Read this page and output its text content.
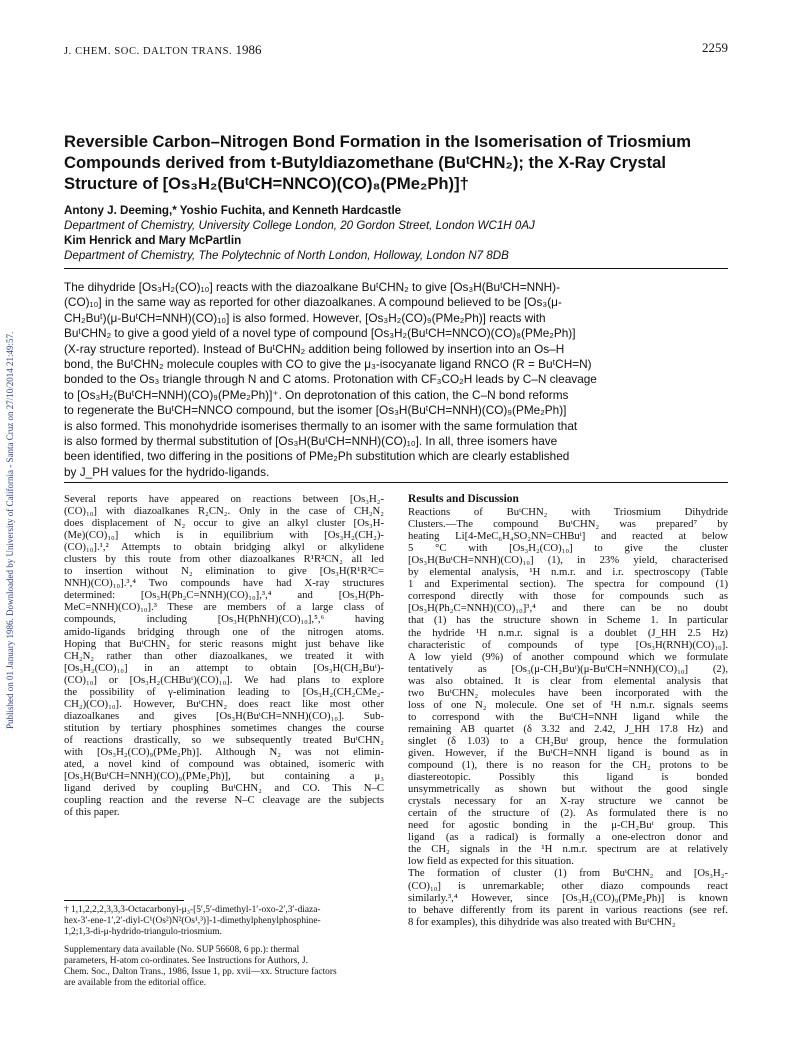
Published on 01 January 1986. Downloaded by University of California - Santa Cruz on 27/10/2014 21:49:57.
J. CHEM. SOC. DALTON TRANS. 1986	2259
Reversible Carbon–Nitrogen Bond Formation in the Isomerisation of Triosmium
Compounds derived from t-Butyldiazomethane (BuᵗCHN₂); the X-Ray Crystal
Structure of [Os₃H₂(BuᵗCH=NNCO)(CO)₈(PMe₂Ph)]†
Antony J. Deeming,* Yoshio Fuchita, and Kenneth Hardcastle
Department of Chemistry, University College London, 20 Gordon Street, London WC1H 0AJ
Kim Henrick and Mary McPartlin
Department of Chemistry, The Polytechnic of North London, Holloway, London N7 8DB
The dihydride [Os₃H₂(CO)₁₀] reacts with the diazoalkane BuᵗCHN₂ to give [Os₃H(BuᵗCH=NNH)-
(CO)₁₀] in the same way as reported for other diazoalkanes. A compound believed to be [Os₃(μ-
CH₂Buᵗ)(μ-BuᵗCH=NNH)(CO)₁₀] is also formed. However, [Os₃H₂(CO)₉(PMe₂Ph)] reacts with
BuᵗCHN₂ to give a good yield of a novel type of compound [Os₃H₂(BuᵗCH=NNCO)(CO)₈(PMe₂Ph)]
(X-ray structure reported). Instead of BuᵗCHN₂ addition being followed by insertion into an Os–H
bond, the BuᵗCHN₂ molecule couples with CO to give the μ₃-isocyanate ligand RNCO (R = BuᵗCH=N)
bonded to the Os₃ triangle through N and C atoms. Protonation with CF₃CO₂H leads by C–N cleavage
to [Os₃H₂(BuᵗCH=NNH)(CO)₉(PMe₂Ph)]⁺. On deprotonation of this cation, the C–N bond reforms
to regenerate the BuᵗCH=NNCO compound, but the isomer [Os₃H(BuᵗCH=NNH)(CO)₉(PMe₂Ph)]
is also formed. This monohydride isomerises thermally to an isomer with the same formulation that
is also formed by thermal substitution of [Os₃H(BuᵗCH=NNH)(CO)₁₀]. In all, three isomers have
been identified, two differing in the positions of PMe₂Ph substitution which are clearly established
by J_PH values for the hydrido-ligands.
Several reports have appeared on reactions between [Os₃H₂-
(CO)₁₀] with diazoalkanes R₂CN₂. Only in the case of CH₂N₂
does displacement of N₂ occur to give an alkyl cluster [Os₃H-
(Me)(CO)₁₀] which is in equilibrium with [Os₃H₂(CH₂)-
(CO)₁₀].¹,² Attempts to obtain bridging alkyl or alkylidene
clusters by this route from other diazoalkanes R¹R²CN₂ all led
to insertion without N₂ elimination to give [Os₃H(R¹R²C=
NNH)(CO)₁₀].³,⁴ Two compounds have had X-ray structures
determined: [Os₃H(Ph₂C=NNH)(CO)₁₀],³,⁴ and [Os₃H(Ph-
MeC=NNH)(CO)₁₀].³ These are members of a large class of
compounds, including [Os₃H(PhNH)(CO)₁₀],⁵,⁶ having
amido-ligands bridging through one of the nitrogen atoms.
Hoping that BuᵗCHN₂ for steric reasons might just behave like
CH₂N₂ rather than other diazoalkanes, we treated it with
[Os₃H₂(CO)₁₀] in an attempt to obtain [Os₃H(CH₂Buᵗ)-
(CO)₁₀] or [Os₃H₂(CHBuᵗ)(CO)₁₀]. We had plans to explore
the possibility of γ-elimination leading to [Os₃H₂(CH₂CMe₂-
CH₂)(CO)₁₀]. However, BuᵗCHN₂ does react like most other
diazoalkanes and gives [Os₃H(BuᵗCH=NNH)(CO)₁₀]. Sub-
stitution by tertiary phosphines sometimes changes the course
of reactions drastically, so we subsequently treated BuᵗCHN₂
with [Os₃H₂(CO)₉(PMe₂Ph)]. Although N₂ was not elimin-
ated, a novel kind of compound was obtained, isomeric with
[Os₃H(BuᵗCH=NNH)(CO)₉(PMe₂Ph)], but containing a μ₃
ligand derived by coupling BuᵗCHN₂ and CO. This N–C
coupling reaction and the reverse N–C cleavage are the subjects
of this paper.
Results and Discussion
Reactions of BuᵗCHN₂ with Triosmium Dihydride
Clusters.—The compound BuᵗCHN₂ was prepared⁷ by
heating Li[4-MeC₆H₄SO₂NN=CHBuᵗ] and reacted at below
5 °C with [Os₃H₂(CO)₁₀] to give the cluster
[Os₃H(BuᵗCH=NNH)(CO)₁₀] (1), in 23% yield, characterised
by elemental analysis, ¹H n.m.r. and i.r. spectroscopy (Table
1 and Experimental section). The spectra for compound (1)
correspond directly with those for compounds such as
[Os₃H(Ph₂C=NNH)(CO)₁₀]³,⁴ and there can be no doubt
that (1) has the structure shown in Scheme 1. In particular
the hydride ¹H n.m.r. signal is a doublet (J_HH 2.5 Hz)
characteristic of compounds of type [Os₃H(RNH)(CO)₁₀].
A low yield (9%) of another compound which we formulate
tentatively as [Os₃(μ-CH₂Buᵗ)(μ-BuᵗCH=NNH)(CO)₁₀] (2),
was also obtained. It is clear from elemental analysis that
two BuᵗCHN₂ molecules have been incorporated with the
loss of one N₂ molecule. One set of ¹H n.m.r. signals seems
to correspond with the BuᵗCH=NNH ligand while the
remaining AB quartet (δ 3.32 and 2.42, J_HH 17.8 Hz) and
singlet (δ 1.03) to a CH₂Buᵗ group, hence the formulation
given. However, if the BuᵗCH=NNH ligand is bound as in
compound (1), there is no reason for the CH₂ protons to be
diastereotopic. Possibly this ligand is bonded
unsymmetrically as shown but without the good single
crystals necessary for an X-ray structure we cannot be
certain of the structure of (2). As formulated there is no
need for agostic bonding in the μ-CH₂Buᵗ group. This
ligand (as a radical) is formally a one-electron donor and
the CH₂ signals in the ¹H n.m.r. spectrum are at relatively
low field as expected for this situation.
The formation of cluster (1) from BuᵗCHN₂ and [Os₃H₂-
(CO)₁₀] is unremarkable; other diazo compounds react
similarly.³,⁴ However, since [Os₃H₂(CO)₉(PMe₂Ph)] is known
to behave differently from its parent in various reactions (see ref.
8 for examples), this dihydride was also treated with BuᵗCHN₂
† 1,1,2,2,2,3,3,3-Octacarbonyl-μ₃-[5′,5′-dimethyl-1′-oxo-2′,3′-diaza-
hex-3′-ene-1′,2′-diyl-C¹(Os²)N²(Os¹,³)]-1-dimethylphenylphosphine-
1,2;1,3-di-μ-hydrido-triangulo-triosmium.
Supplementary data available (No. SUP 56608, 6 pp.): thermal
parameters, H-atom co-ordinates. See Instructions for Authors, J.
Chem. Soc., Dalton Trans., 1986, Issue 1, pp. xvii—xx. Structure factors
are available from the editorial office.
